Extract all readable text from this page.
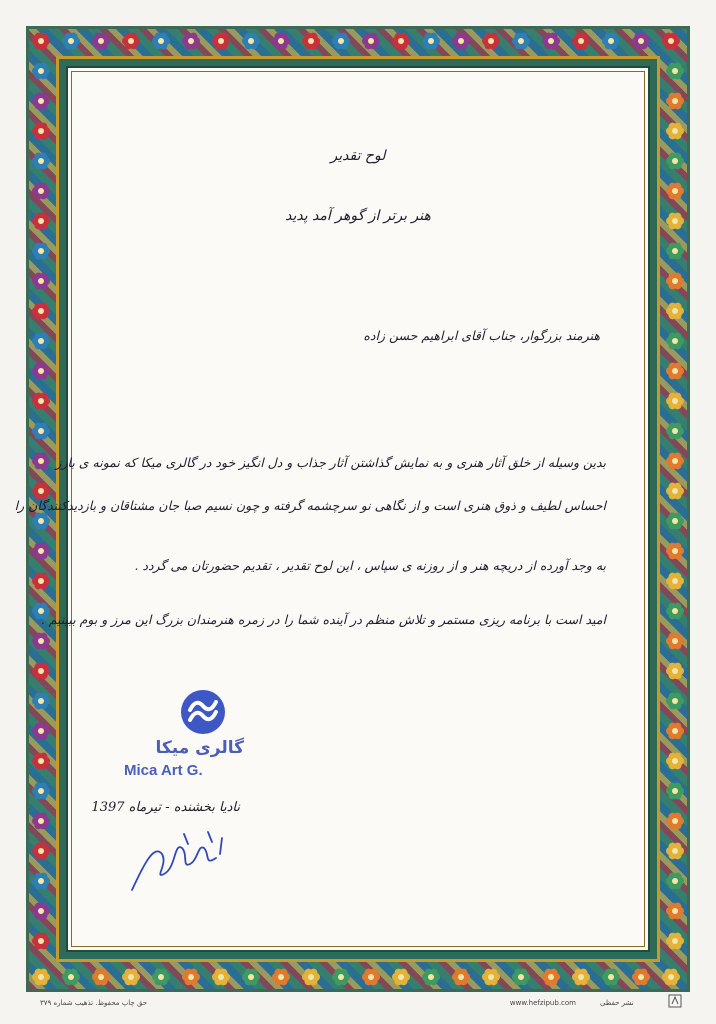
لوح تقدیر
هنر برتر از گوهر آمد پدید
هنرمند بزرگوار، جناب آقای ابراهیم حسن زاده
بدین وسیله از خلق آثار هنری و به نمایش گذاشتن آثار جذاب و دل انگیز خود در گالری میکا که نمونه ی بارز
احساس لطیف و ذوق هنری است و از نگاهی نو سرچشمه گرفته و چون نسیم صبا جان مشتاقان و بازدیدکنندگان را
به وجد آورده از دریچه هنر و از روزنه ی سپاس ، این لوح تقدیر ، تقدیم حضورتان می گردد .
امید است با برنامه ریزی مستمر و تلاش منظم در آینده شما را در زمره هنرمندان بزرگ این مرز و بوم ببینیم .
گالری میکا
Mica Art G.
نادیا بخشنده - تیرماه 1397
حق چاپ محفوظ. تذهیب شماره ۳۷۹	www.hefzipub.com	نشر حفظی
